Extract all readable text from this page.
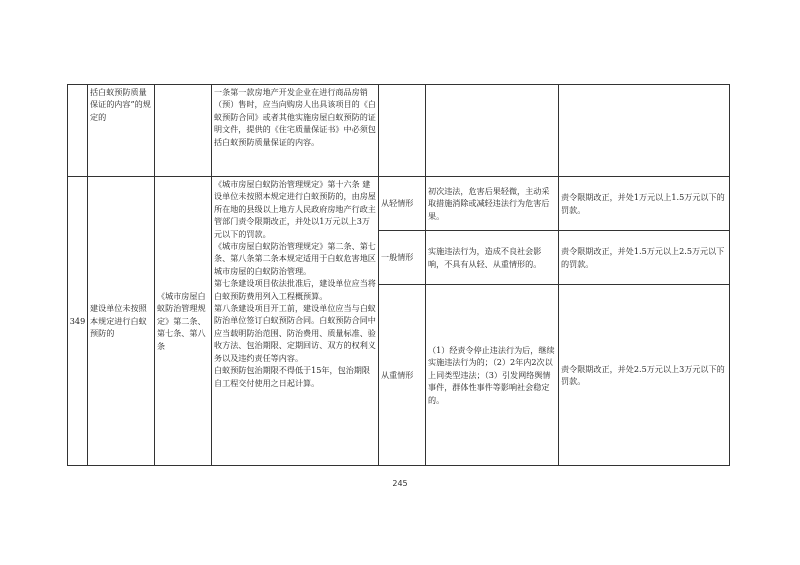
	括白蚁预防质量保证的内容”的规定的		一条第一款房地产开发企业在进行商品房销（预）售时，应当向购房人出具该项目的《白蚁预防合同》或者其他实施房屋白蚁预防的证明文件，提供的《住宅质量保证书》中必须包括白蚁预防质量保证的内容。			
349	建设单位未按照本规定进行白蚁预防的	《城市房屋白蚁防治管理规定》第二条、第七条、第八条	《城市房屋白蚁防治管理规定》第十六条 建设单位未按照本规定进行白蚁预防的，由房屋所在地的县级以上地方人民政府房地产行政主管部门责令限期改正，并处以1万元以上3万元以下的罚款。
《城市房屋白蚁防治管理规定》第二条、第七条、第八条第二条本规定适用于白蚁危害地区城市房屋的白蚁防治管理。
第七条建设项目依法批准后，建设单位应当将白蚁预防费用列入工程概预算。
第八条建设项目开工前，建设单位应当与白蚁防治单位签订白蚁预防合同。白蚁预防合同中应当载明防治范围、防治费用、质量标准、验收方法、包治期限、定期回访、双方的权利义务以及违约责任等内容。
白蚁预防包治期限不得低于15年，包治期限自工程交付使用之日起计算。	从轻情形	初次违法，危害后果轻微，主动采取措施消除或减轻违法行为危害后果。	责令限期改正，并处1万元以上1.5万元以下的罚款。
				一般情形	实施违法行为，造成不良社会影响，不具有从轻、从重情形的。	责令限期改正，并处1.5万元以上2.5万元以下的罚款。
				从重情形	（1）经责令停止违法行为后，继续实施违法行为的；（2）2年内2次以上同类型违法；（3）引发网络舆情事件，群体性事件等影响社会稳定的。	责令限期改正，并处2.5万元以上3万元以下的罚款。
245
